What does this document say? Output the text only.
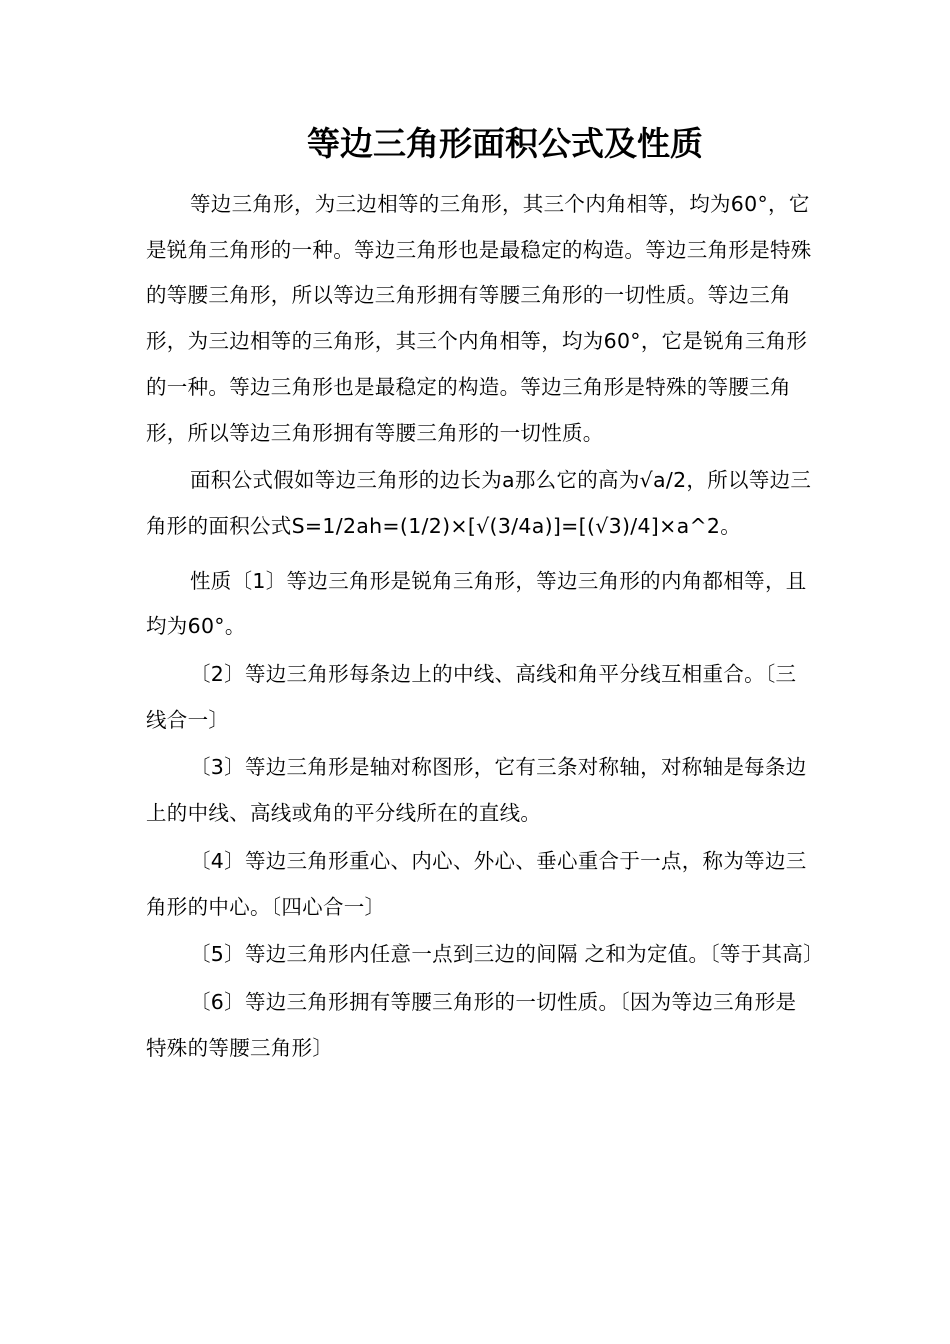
等边三角形面积公式及性质

等边三角形，为三边相等的三角形，其三个内角相等，均为60°，它是锐角三角形的一种。等边三角形也是最稳定的构造。等边三角形是特殊的等腰三角形，所以等边三角形拥有等腰三角形的一切性质。等边三角形，为三边相等的三角形，其三个内角相等，均为60°，它是锐角三角形的一种。等边三角形也是最稳定的构造。等边三角形是特殊的等腰三角形，所以等边三角形拥有等腰三角形的一切性质。

面积公式假如等边三角形的边长为a那么它的高为√a/2，所以等边三角形的面积公式S=1/2ah=(1/2)×[√(3/4a)]=[(√3)/4]×a^2。

性质〔1〕等边三角形是锐角三角形，等边三角形的内角都相等，且均为60°。

〔2〕等边三角形每条边上的中线、高线和角平分线互相重合。〔三线合一〕

〔3〕等边三角形是轴对称图形，它有三条对称轴，对称轴是每条边上的中线、高线或角的平分线所在的直线。

〔4〕等边三角形重心、内心、外心、垂心重合于一点，称为等边三角形的中心。〔四心合一〕

〔5〕等边三角形内任意一点到三边的间隔 之和为定值。〔等于其高〕

〔6〕等边三角形拥有等腰三角形的一切性质。〔因为等边三角形是特殊的等腰三角形〕
